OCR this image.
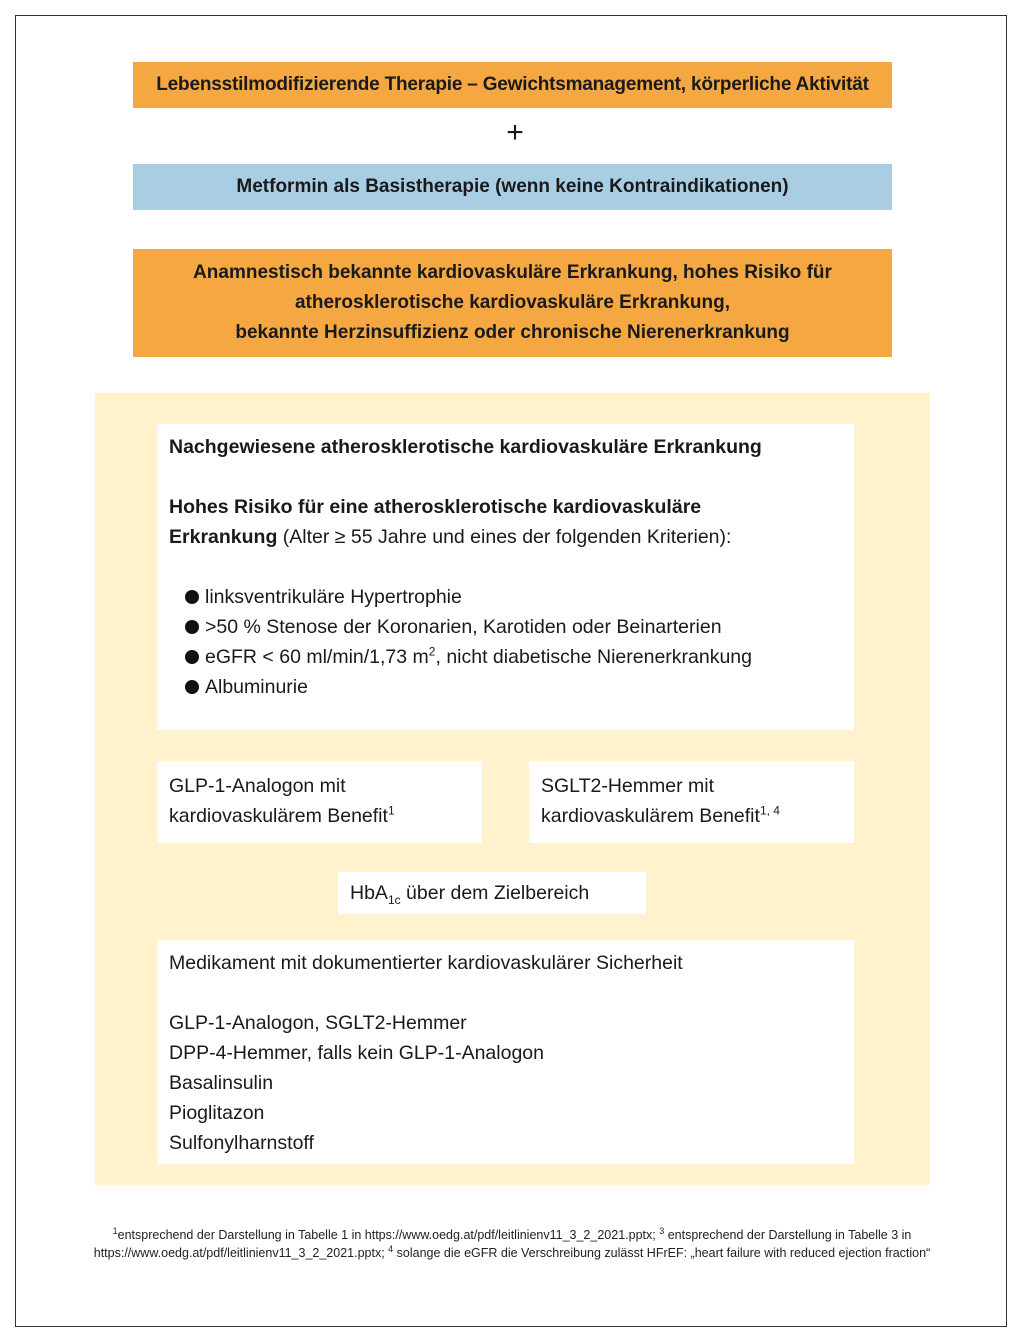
Lebensstilmodifizierende Therapie – Gewichtsmanagement, körperliche Aktivität
+
Metformin als Basistherapie (wenn keine Kontraindikationen)
Anamnestisch bekannte kardiovaskuläre Erkrankung, hohes Risiko für
atherosklerotische kardiovaskuläre Erkrankung,
bekannte Herzinsuffizienz oder chronische Nierenerkrankung
Nachgewiesene atherosklerotische kardiovaskuläre Erkrankung
Hohes Risiko für eine atherosklerotische kardiovaskuläre
Erkrankung (Alter ≥ 55 Jahre und eines der folgenden Kriterien):
linksventrikuläre Hypertrophie
>50 % Stenose der Koronarien, Karotiden oder Beinarterien
eGFR < 60 ml/min/1,73 $m^2$, nicht diabetische Nierenerkrankung
Albuminurie
GLP-1-Analogon mit
kardiovaskulärem Benefit$^1$
SGLT2-Hemmer mit
kardiovaskulärem Benefit$^{1, 4}$
HbA$_{1c}$ über dem Zielbereich
Medikament mit dokumentierter kardiovaskulärer Sicherheit
GLP-1-Analogon, SGLT2-Hemmer
DPP-4-Hemmer, falls kein GLP-1-Analogon
Basalinsulin
Pioglitazon
Sulfonylharnstoff
$^1$entsprechend der Darstellung in Tabelle 1 in https://www.oedg.at/pdf/leitlinienv11_3_2_2021.pptx; $^3$ entsprechend der Darstellung in Tabelle 3 in https://www.oedg.at/pdf/leitlinienv11_3_2_2021.pptx; $^4$ solange die eGFR die Verschreibung zulässt HFrEF: „heart failure with reduced ejection fraction“
